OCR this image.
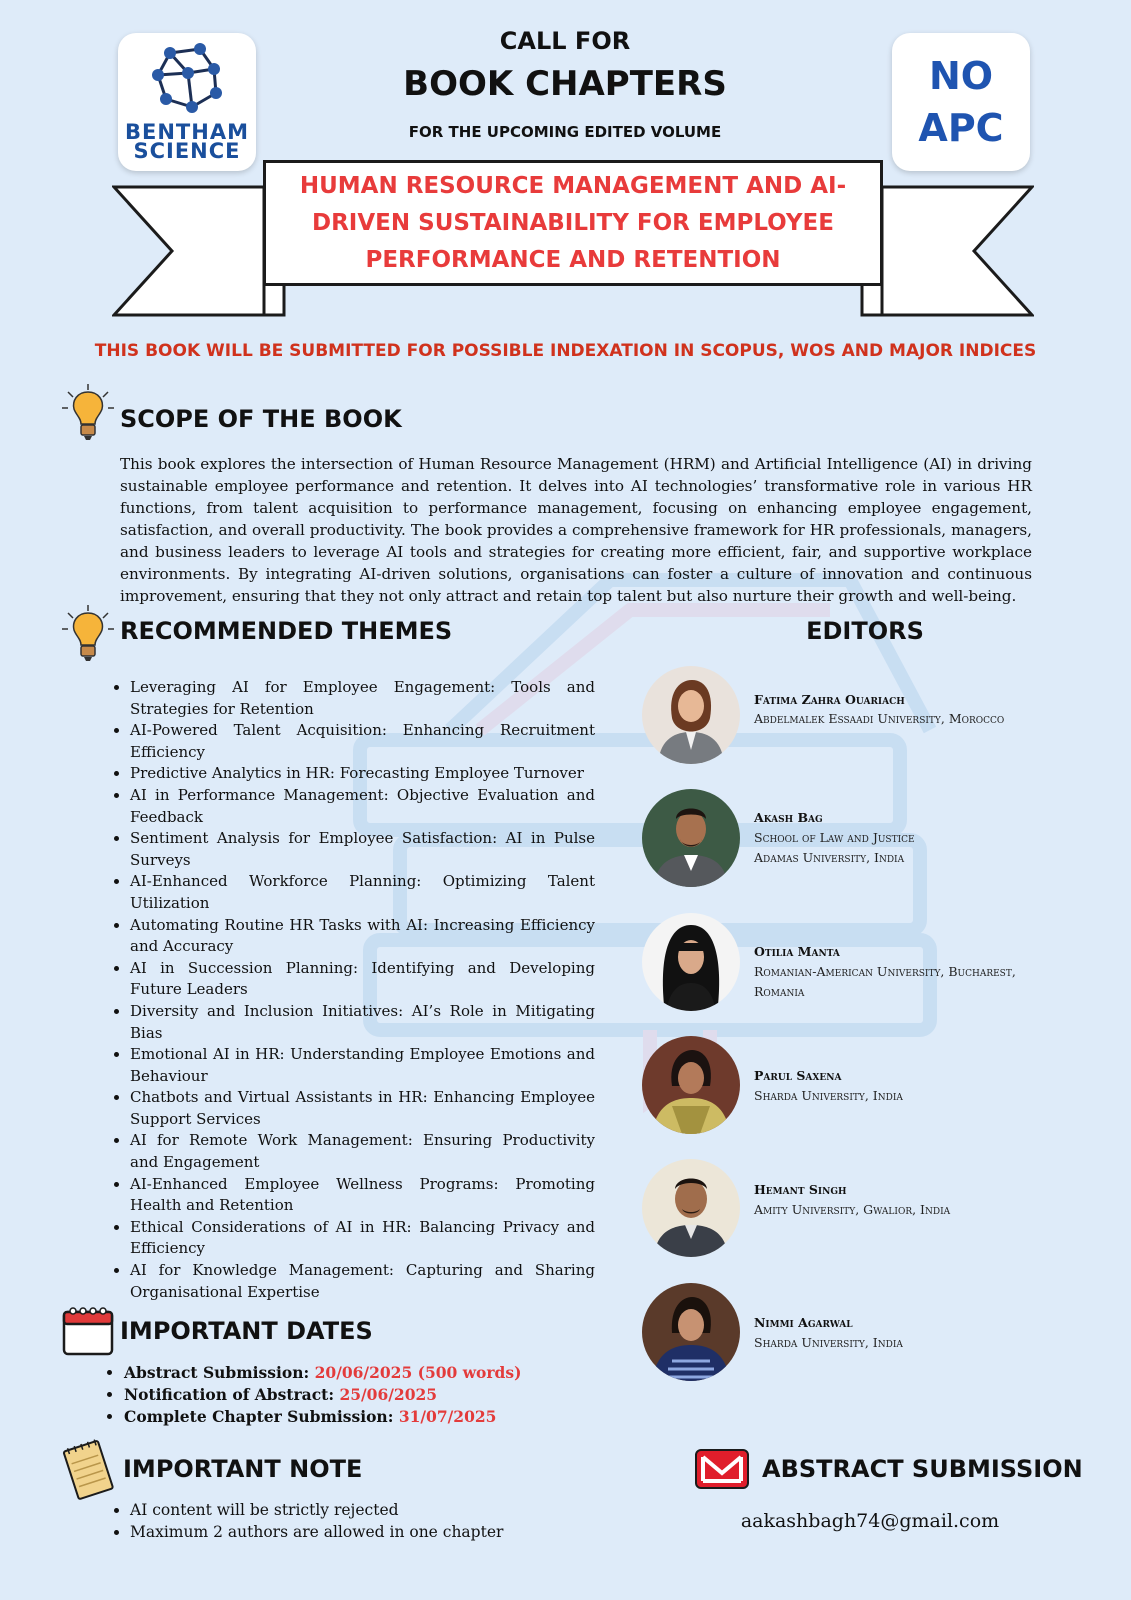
BENTHAM
SCIENCE
NO
APC
CALL FOR
BOOK CHAPTERS
FOR THE UPCOMING EDITED VOLUME
HUMAN RESOURCE MANAGEMENT AND AI-DRIVEN SUSTAINABILITY FOR EMPLOYEE PERFORMANCE AND RETENTION
THIS BOOK WILL BE SUBMITTED FOR POSSIBLE INDEXATION IN SCOPUS, WOS AND MAJOR INDICES
SCOPE OF THE BOOK
This book explores the intersection of Human Resource Management (HRM) and Artificial Intelligence (AI) in driving sustainable employee performance and retention. It delves into AI technologies’ transformative role in various HR functions, from talent acquisition to performance management, focusing on enhancing employee engagement, satisfaction, and overall productivity. The book provides a comprehensive framework for HR professionals, managers, and business leaders to leverage AI tools and strategies for creating more efficient, fair, and supportive workplace environments. By integrating AI-driven solutions, organisations can foster a culture of innovation and continuous improvement, ensuring that they not only attract and retain top talent but also nurture their growth and well-being.
RECOMMENDED THEMES
• Leveraging AI for Employee Engagement: Tools and Strategies for Retention
• AI-Powered Talent Acquisition: Enhancing Recruitment Efficiency
• Predictive Analytics in HR: Forecasting Employee Turnover
• AI in Performance Management: Objective Evaluation and Feedback
• Sentiment Analysis for Employee Satisfaction: AI in Pulse Surveys
• AI-Enhanced Workforce Planning: Optimizing Talent Utilization
• Automating Routine HR Tasks with AI: Increasing Efficiency and Accuracy
• AI in Succession Planning: Identifying and Developing Future Leaders
• Diversity and Inclusion Initiatives: AI’s Role in Mitigating Bias
• Emotional AI in HR: Understanding Employee Emotions and Behaviour
• Chatbots and Virtual Assistants in HR: Enhancing Employee Support Services
• AI for Remote Work Management: Ensuring Productivity and Engagement
• AI-Enhanced Employee Wellness Programs: Promoting Health and Retention
• Ethical Considerations of AI in HR: Balancing Privacy and Efficiency
• AI for Knowledge Management: Capturing and Sharing Organisational Expertise
EDITORS
Fatima Zahra Ouariach
Abdelmalek Essaadi University, Morocco
Akash Bag
School of Law and Justice
Adamas University, India
Otilia Manta
Romanian-American University, Bucharest, Romania
Parul Saxena
Sharda University, India
Hemant Singh
Amity University, Gwalior, India
Nimmi Agarwal
Sharda University, India
IMPORTANT DATES
• Abstract Submission: 20/06/2025 (500 words)
• Notification of Abstract: 25/06/2025
• Complete Chapter Submission: 31/07/2025
IMPORTANT NOTE
• AI content will be strictly rejected
• Maximum 2 authors are allowed in one chapter
ABSTRACT SUBMISSION
aakashbagh74@gmail.com
